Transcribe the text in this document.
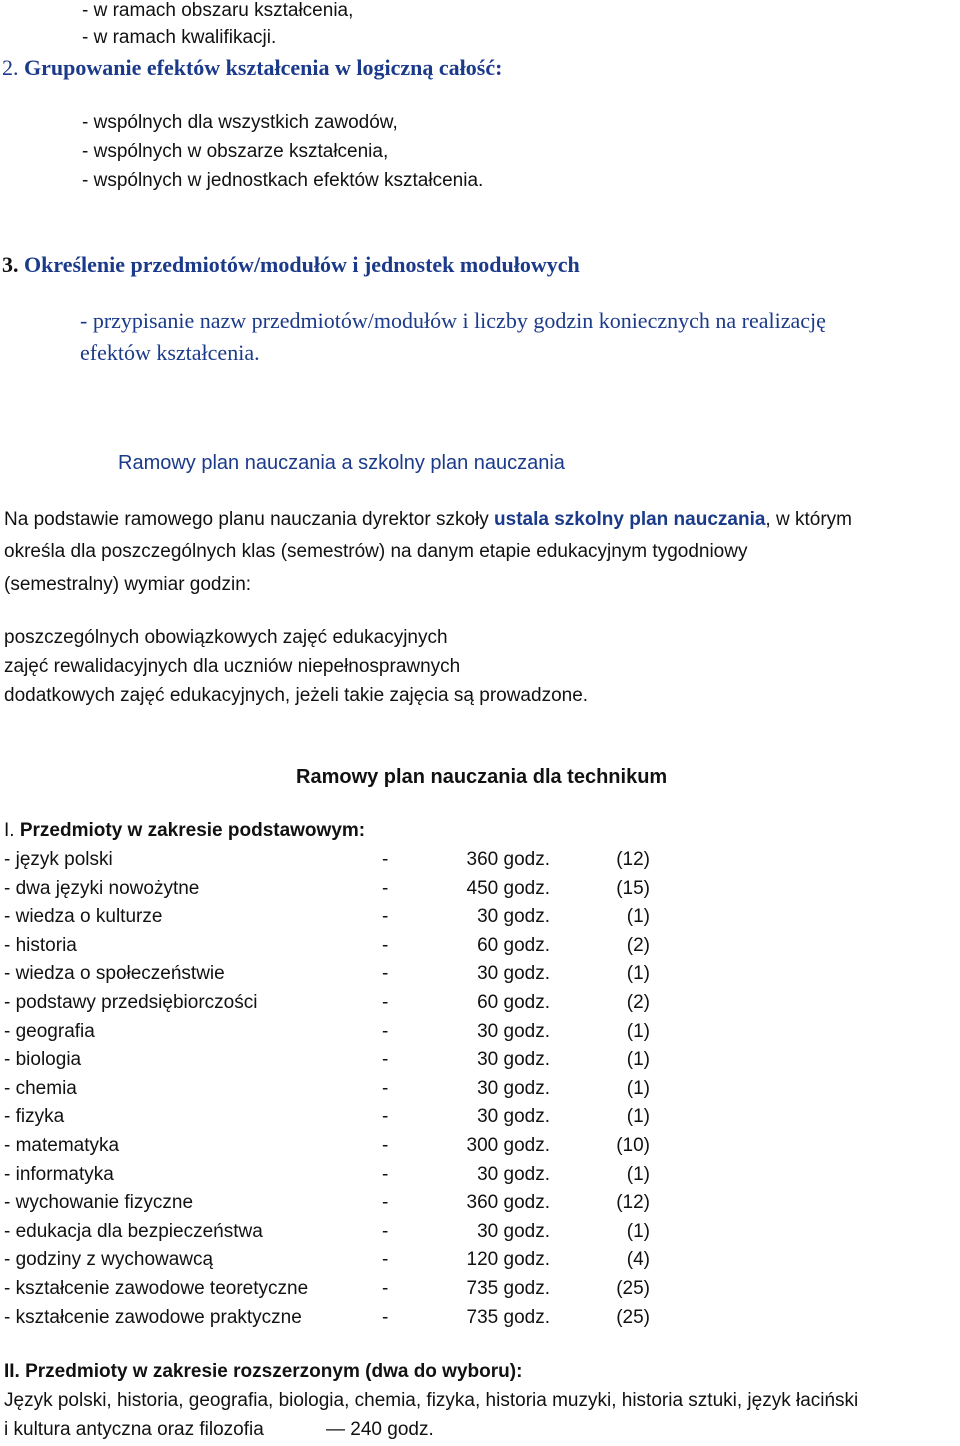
- w ramach obszaru kształcenia,
- w ramach kwalifikacji.
2. Grupowanie efektów kształcenia w logiczną całość:
- wspólnych dla wszystkich zawodów,
- wspólnych w obszarze kształcenia,
- wspólnych w jednostkach efektów kształcenia.
3. Określenie przedmiotów/modułów i jednostek modułowych
- przypisanie nazw przedmiotów/modułów i liczby godzin koniecznych na realizację
efektów kształcenia.
Ramowy plan nauczania a szkolny plan nauczania
Na podstawie ramowego planu nauczania dyrektor szkoły ustala szkolny plan nauczania, w którym
określa dla poszczególnych klas (semestrów) na danym etapie edukacyjnym tygodniowy
(semestralny) wymiar godzin:
poszczególnych obowiązkowych zajęć edukacyjnych
zajęć rewalidacyjnych dla uczniów niepełnosprawnych
dodatkowych zajęć edukacyjnych, jeżeli takie zajęcia są prowadzone.
Ramowy plan nauczania dla technikum
I. Przedmioty w zakresie podstawowym:
- język polski	-	360 godz.	(12)
- dwa języki nowożytne	-	450 godz.	(15)
- wiedza o kulturze	-	30 godz.	(1)
- historia	-	60 godz.	(2)
- wiedza o społeczeństwie	-	30 godz.	(1)
- podstawy przedsiębiorczości	-	60 godz.	(2)
- geografia	-	30 godz.	(1)
- biologia	-	30 godz.	(1)
- chemia	-	30 godz.	(1)
- fizyka	-	30 godz.	(1)
- matematyka	-	300 godz.	(10)
- informatyka	-	30 godz.	(1)
- wychowanie fizyczne	-	360 godz.	(12)
- edukacja dla bezpieczeństwa	-	30 godz.	(1)
- godziny z wychowawcą	-	120 godz.	(4)
- kształcenie zawodowe teoretyczne	-	735 godz.	(25)
- kształcenie zawodowe praktyczne	-	735 godz.	(25)
II. Przedmioty w zakresie rozszerzonym (dwa do wyboru):
Język polski, historia, geografia, biologia, chemia, fizyka, historia muzyki, historia sztuki, język łaciński
i kultura antyczna oraz filozofia	— 240 godz.
